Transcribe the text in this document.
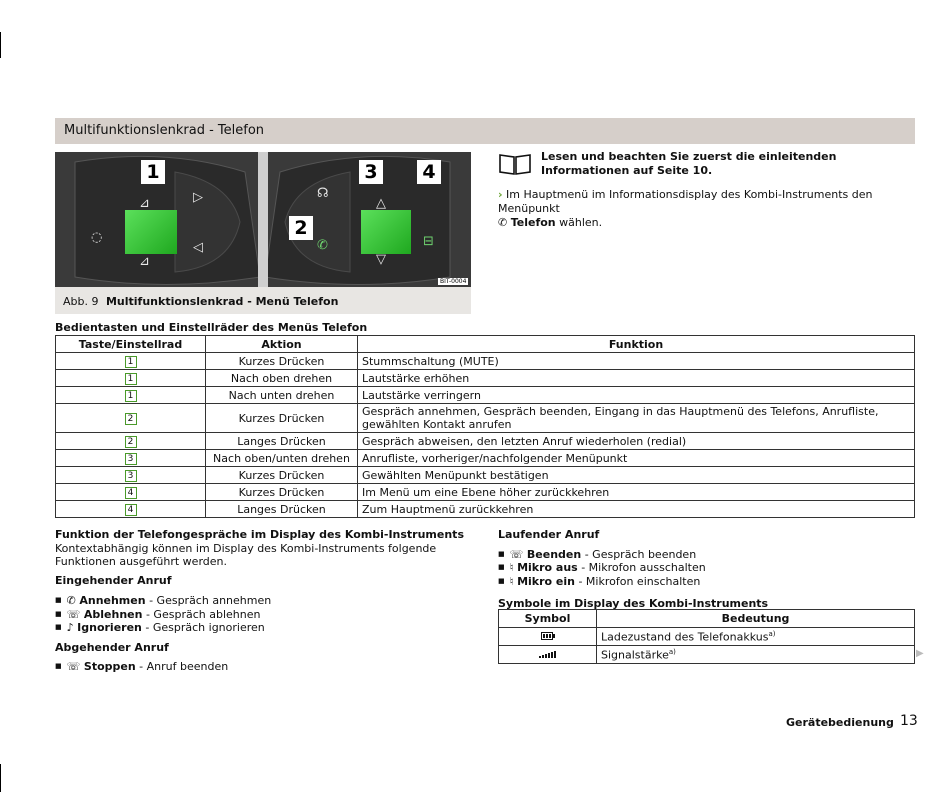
Multifunktionslenkrad - Telefon
⊿
⊿
◌
▷
◁
☊
✆
△
▽
⊟
1
2
3 4
BIT-0004
Abb. 9 Multifunktionslenkrad - Menü Telefon
Lesen und beachten Sie zuerst die einleitenden Informationen auf Seite 10.
› Im Hauptmenü im Informationsdisplay des Kombi-Instruments den Menüpunkt
✆ Telefon wählen.
Bedientasten und Einstellräder des Menüs Telefon
Taste/Einstellrad	Aktion	Funktion
1	Kurzes Drücken	Stummschaltung (MUTE)
1	Nach oben drehen	Lautstärke erhöhen
1	Nach unten drehen	Lautstärke verringern
2	Kurzes Drücken	Gespräch annehmen, Gespräch beenden, Eingang in das Hauptmenü des Telefons, Anrufliste, gewählten Kontakt anrufen
2	Langes Drücken	Gespräch abweisen, den letzten Anruf wiederholen (redial)
3	Nach oben/unten drehen	Anrufliste, vorheriger/nachfolgender Menüpunkt
3	Kurzes Drücken	Gewählten Menüpunkt bestätigen
4	Kurzes Drücken	Im Menü um eine Ebene höher zurückkehren
4	Langes Drücken	Zum Hauptmenü zurückkehren
Funktion der Telefongespräche im Display des Kombi-Instruments
Kontextabhängig können im Display des Kombi-Instruments folgende Funktionen ausgeführt werden.
Eingehender Anruf
■ ✆ Annehmen - Gespräch annehmen
■ ☏ Ablehnen - Gespräch ablehnen
■ ♪ Ignorieren - Gespräch ignorieren
Abgehender Anruf
■ ☏ Stoppen - Anruf beenden
Laufender Anruf
■ ☏ Beenden - Gespräch beenden
■ ♮ Mikro aus - Mikrofon ausschalten
■ ♮ Mikro ein - Mikrofon einschalten
Symbole im Display des Kombi-Instruments
Symbol	Bedeutung
	Ladezustand des Telefonakkus$^{a)}$
	Signalstärke$^{a)}$	▶
Gerätebedienung 13
